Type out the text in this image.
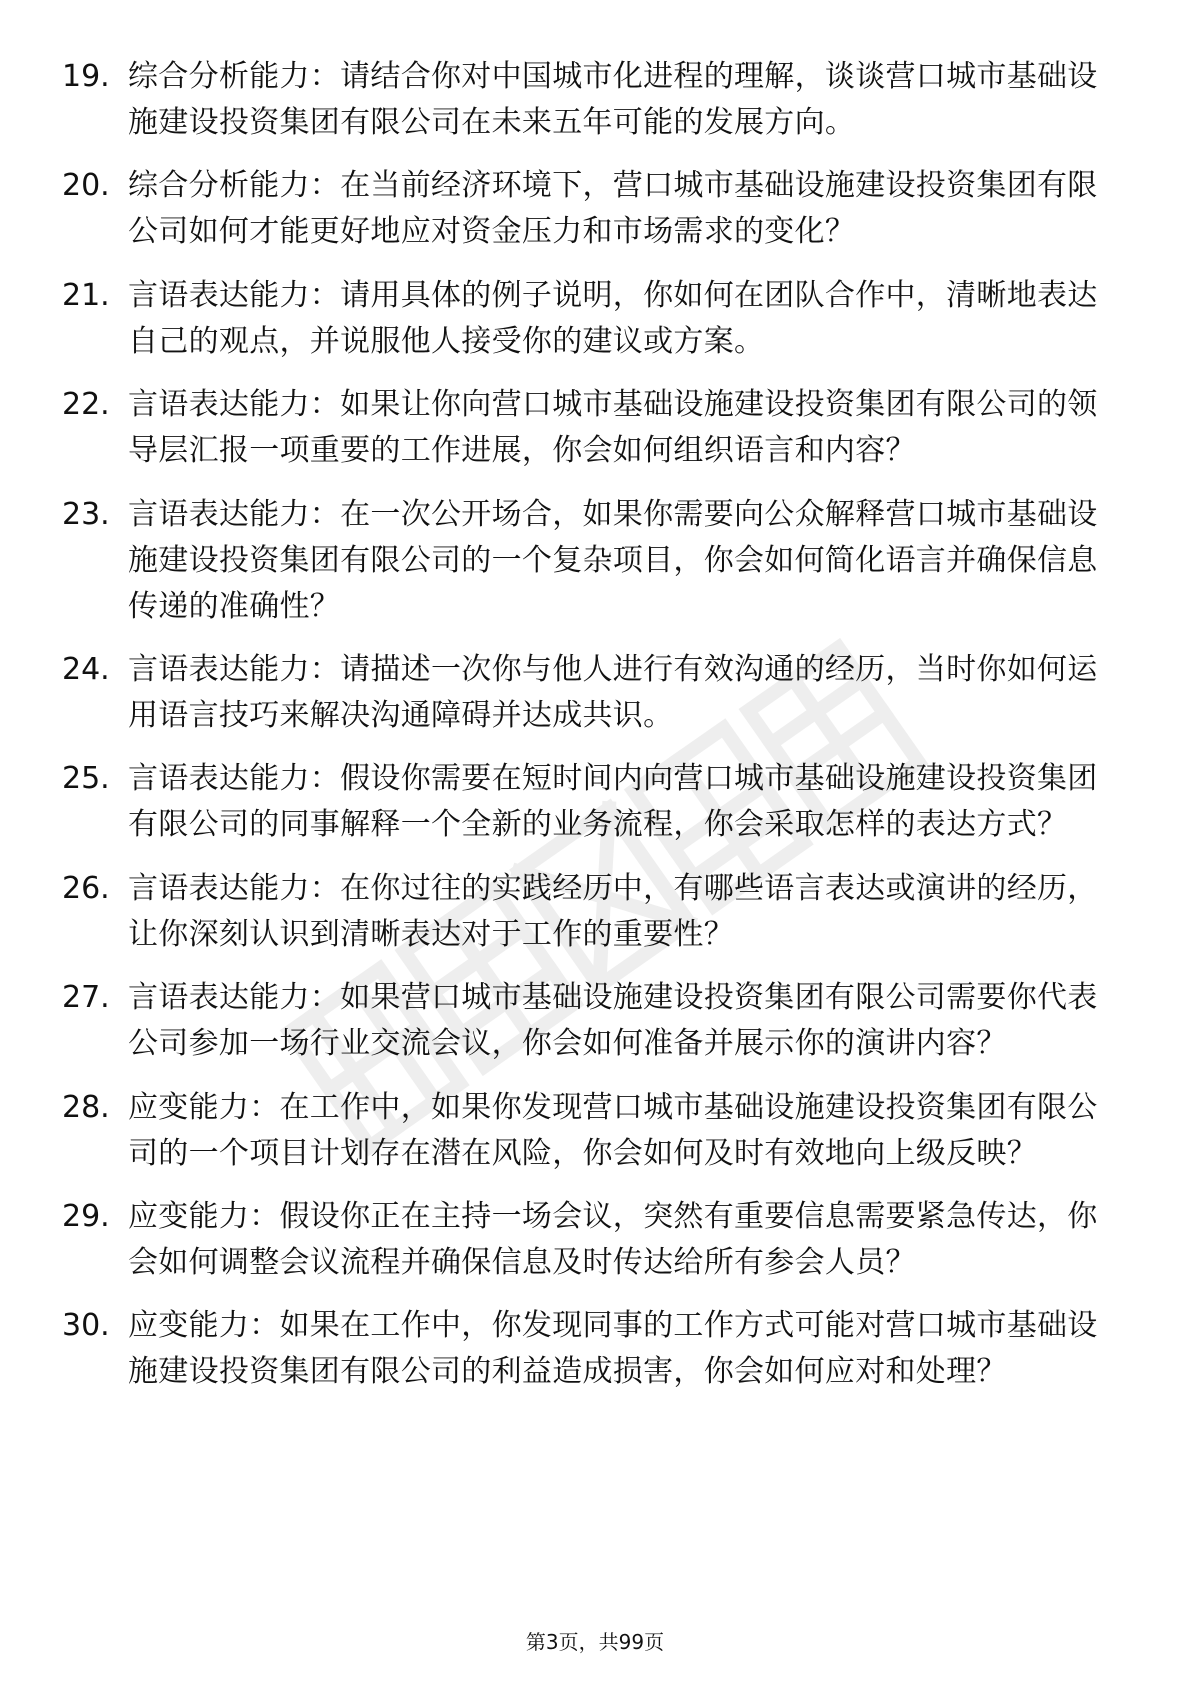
19. 综合分析能力：请结合你对中国城市化进程的理解，谈谈营口城市基础设施建设投资集团有限公司在未来五年可能的发展方向。
20. 综合分析能力：在当前经济环境下，营口城市基础设施建设投资集团有限公司如何才能更好地应对资金压力和市场需求的变化？
21. 言语表达能力：请用具体的例子说明，你如何在团队合作中，清晰地表达自己的观点，并说服他人接受你的建议或方案。
22. 言语表达能力：如果让你向营口城市基础设施建设投资集团有限公司的领导层汇报一项重要的工作进展，你会如何组织语言和内容？
23. 言语表达能力：在一次公开场合，如果你需要向公众解释营口城市基础设施建设投资集团有限公司的一个复杂项目，你会如何简化语言并确保信息传递的准确性？
24. 言语表达能力：请描述一次你与他人进行有效沟通的经历，当时你如何运用语言技巧来解决沟通障碍并达成共识。
25. 言语表达能力：假设你需要在短时间内向营口城市基础设施建设投资集团有限公司的同事解释一个全新的业务流程，你会采取怎样的表达方式？
26. 言语表达能力：在你过往的实践经历中，有哪些语言表达或演讲的经历，让你深刻认识到清晰表达对于工作的重要性？
27. 言语表达能力：如果营口城市基础设施建设投资集团有限公司需要你代表公司参加一场行业交流会议，你会如何准备并展示你的演讲内容？
28. 应变能力：在工作中，如果你发现营口城市基础设施建设投资集团有限公司的一个项目计划存在潜在风险，你会如何及时有效地向上级反映？
29. 应变能力：假设你正在主持一场会议，突然有重要信息需要紧急传达，你会如何调整会议流程并确保信息及时传达给所有参会人员？
30. 应变能力：如果在工作中，你发现同事的工作方式可能对营口城市基础设施建设投资集团有限公司的利益造成损害，你会如何应对和处理？
第3页，共99页
